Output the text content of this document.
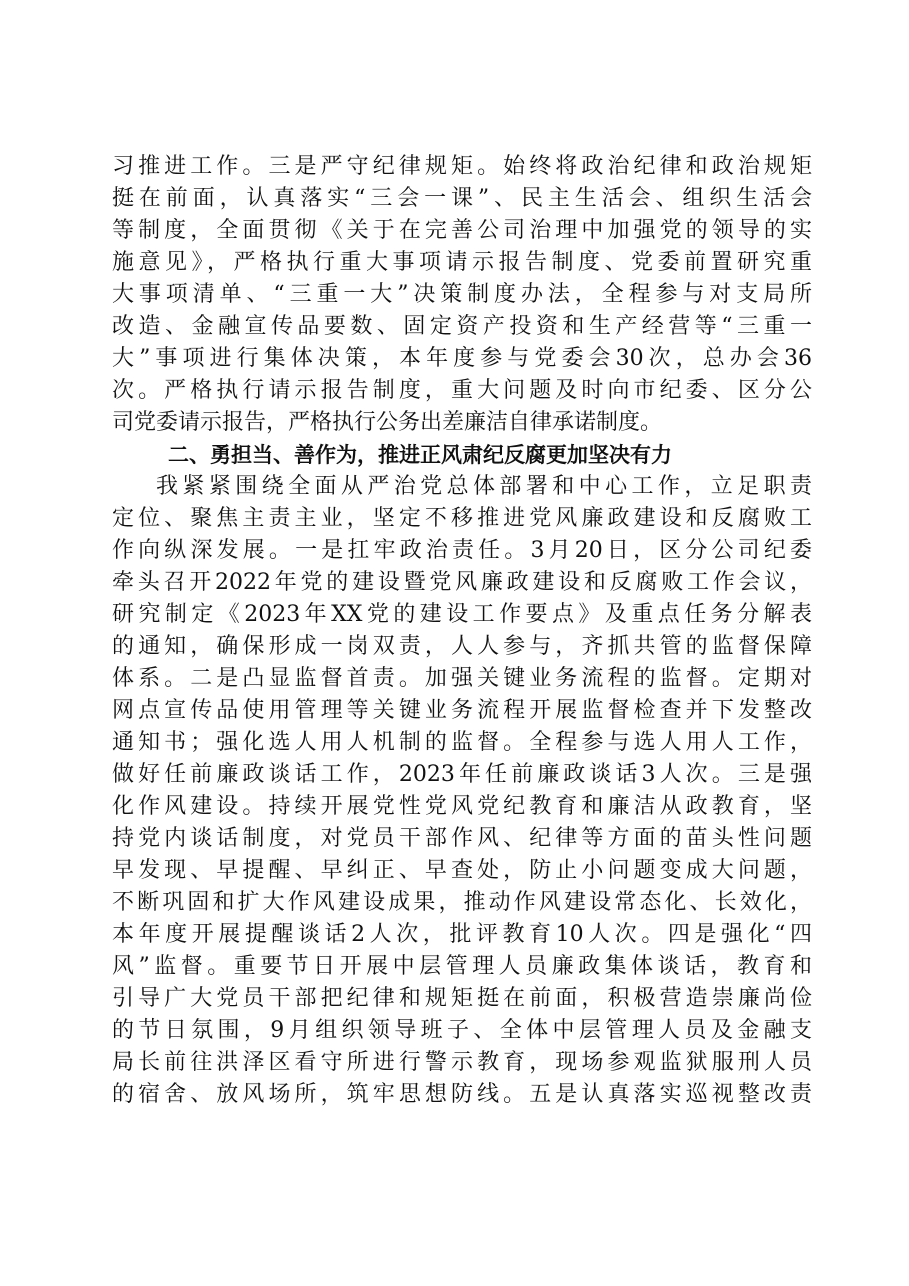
习推进工作。三是严守纪律规矩。始终将政治纪律和政治规矩
挺在前面，认真落实“三会一课”、民主生活会、组织生活会
等制度，全面贯彻《关于在完善公司治理中加强党的领导的实
施意见》，严格执行重大事项请示报告制度、党委前置研究重
大事项清单、“三重一大”决策制度办法，全程参与对支局所
改造、金融宣传品要数、固定资产投资和生产经营等“三重一
大”事项进行集体决策，本年度参与党委会30次，总办会36
次。严格执行请示报告制度，重大问题及时向市纪委、区分公
司党委请示报告，严格执行公务出差廉洁自律承诺制度。
二、勇担当、善作为，推进正风肃纪反腐更加坚决有力
我紧紧围绕全面从严治党总体部署和中心工作，立足职责
定位、聚焦主责主业，坚定不移推进党风廉政建设和反腐败工
作向纵深发展。一是扛牢政治责任。3月20日，区分公司纪委
牵头召开2022年党的建设暨党风廉政建设和反腐败工作会议，
研究制定《2023年XX党的建设工作要点》及重点任务分解表
的通知，确保形成一岗双责，人人参与，齐抓共管的监督保障
体系。二是凸显监督首责。加强关键业务流程的监督。定期对
网点宣传品使用管理等关键业务流程开展监督检查并下发整改
通知书；强化选人用人机制的监督。全程参与选人用人工作，
做好任前廉政谈话工作，2023年任前廉政谈话3人次。三是强
化作风建设。持续开展党性党风党纪教育和廉洁从政教育，坚
持党内谈话制度，对党员干部作风、纪律等方面的苗头性问题
早发现、早提醒、早纠正、早查处，防止小问题变成大问题，
不断巩固和扩大作风建设成果，推动作风建设常态化、长效化，
本年度开展提醒谈话2人次，批评教育10人次。四是强化“四
风”监督。重要节日开展中层管理人员廉政集体谈话，教育和
引导广大党员干部把纪律和规矩挺在前面，积极营造崇廉尚俭
的节日氛围，9月组织领导班子、全体中层管理人员及金融支
局长前往洪泽区看守所进行警示教育，现场参观监狱服刑人员
的宿舍、放风场所，筑牢思想防线。五是认真落实巡视整改责
